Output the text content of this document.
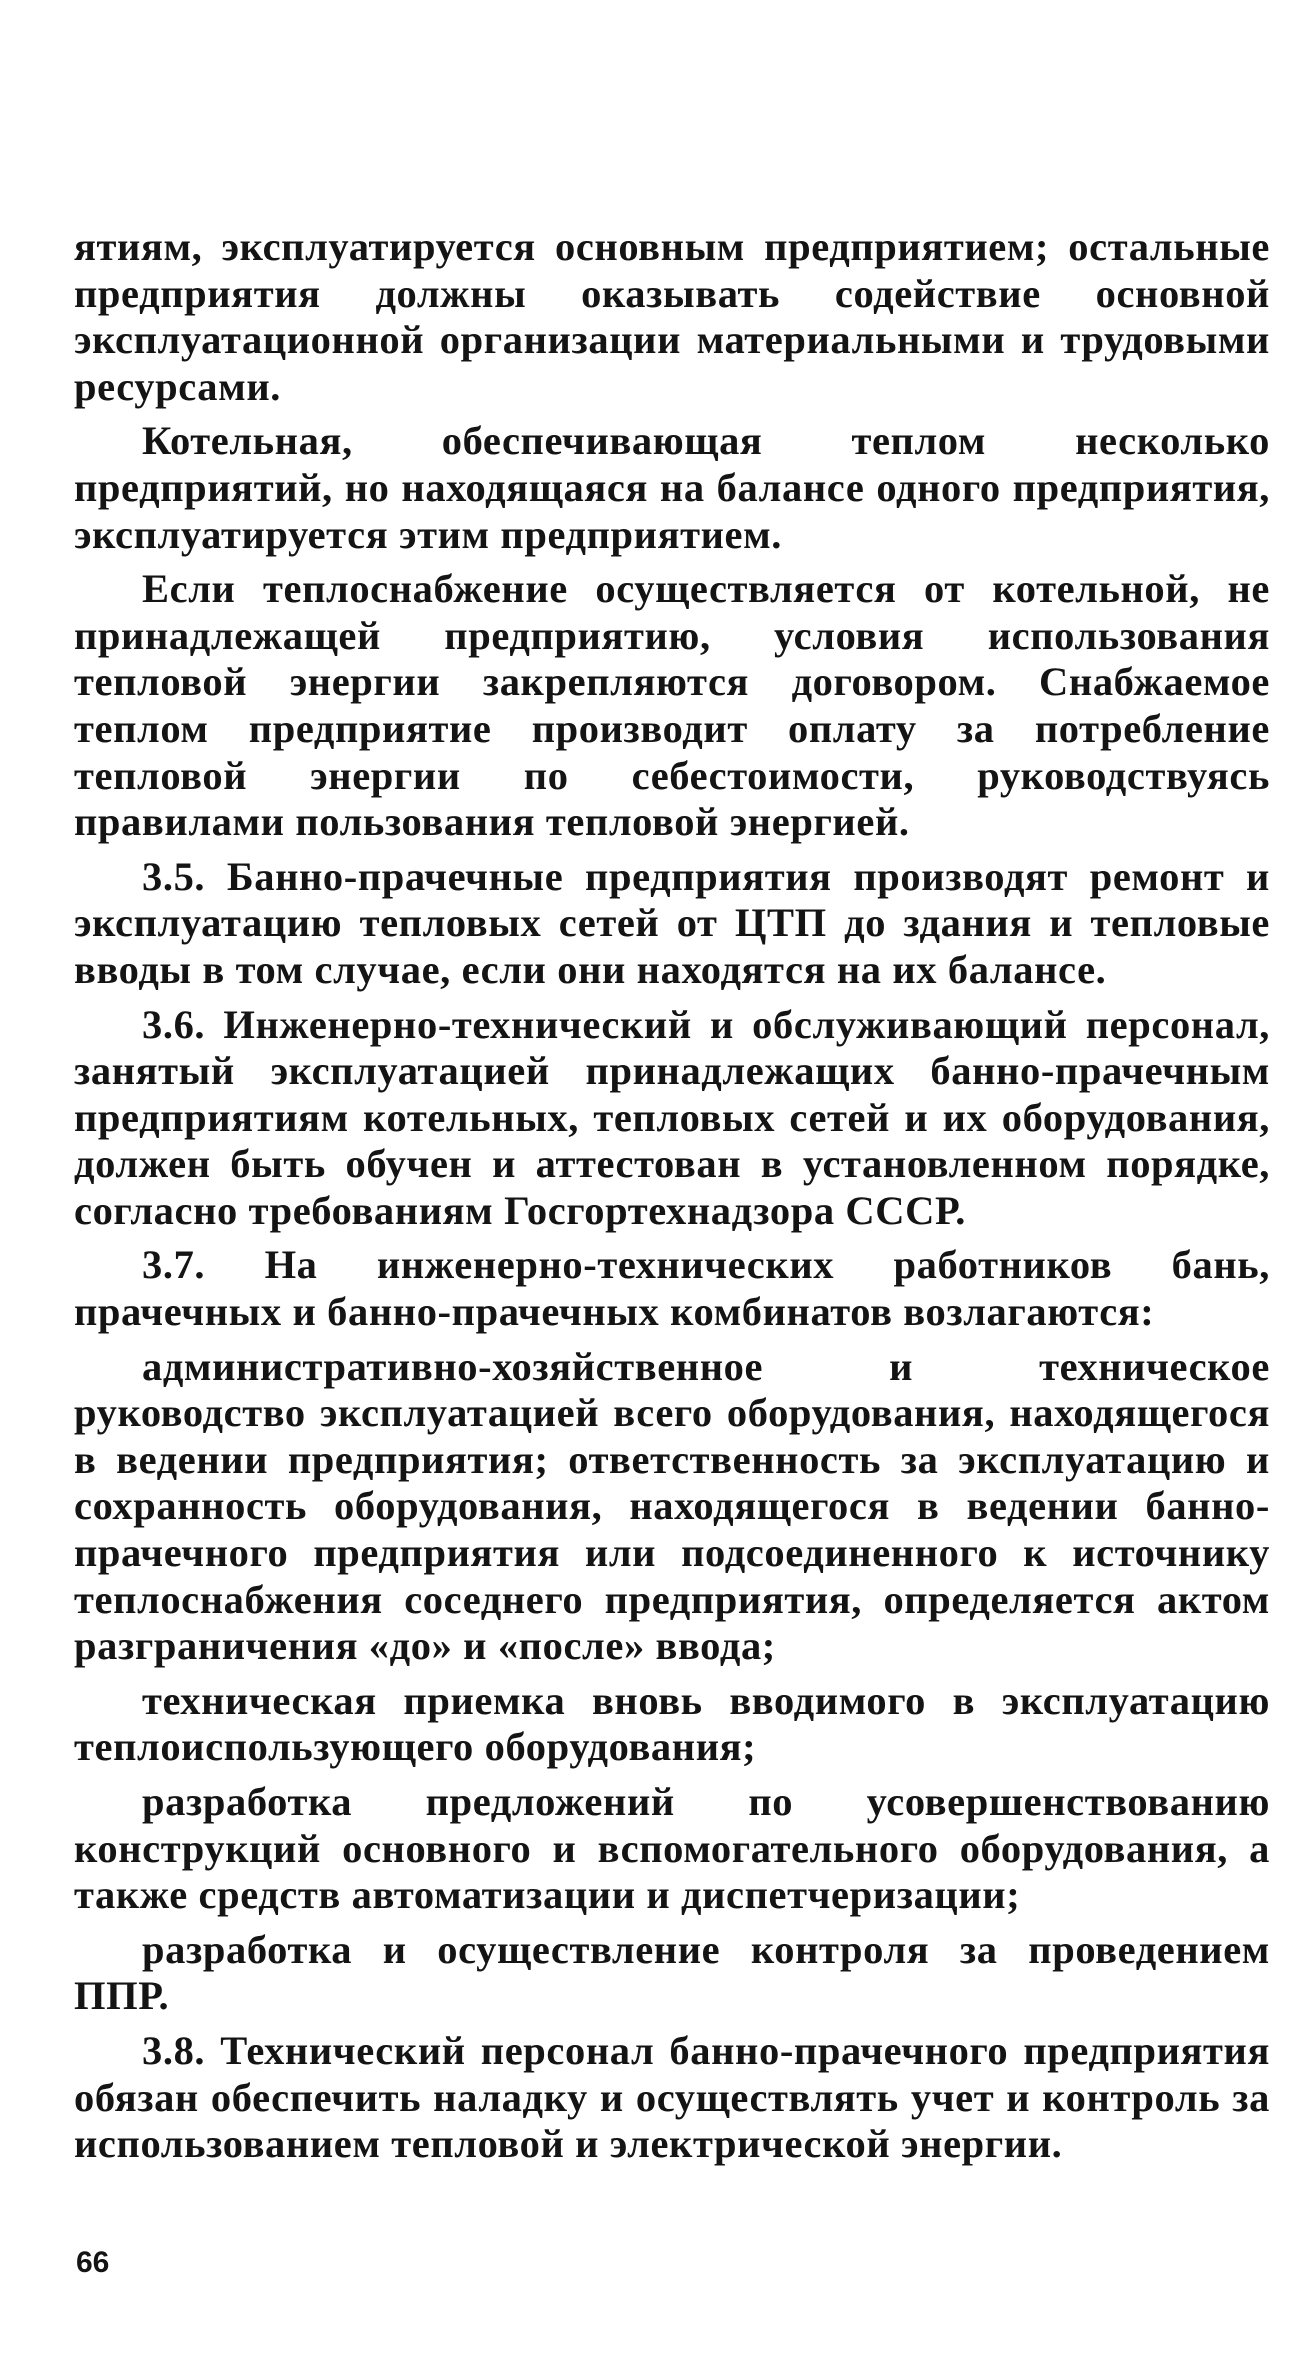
ятиям, эксплуатируется основным предприятием; остальные предприятия должны оказывать содействие основной эксплуатационной организации материальными и трудовыми ресурсами.

Котельная, обеспечивающая теплом несколько предприятий, но находящаяся на балансе одного предприятия, эксплуатируется этим предприятием.

Если теплоснабжение осуществляется от котельной, не принадлежащей предприятию, условия использования тепловой энергии закрепляются договором. Снабжаемое теплом предприятие производит оплату за потребление тепловой энергии по себестоимости, руководствуясь правилами пользования тепловой энергией.

3.5. Банно-прачечные предприятия производят ремонт и эксплуатацию тепловых сетей от ЦТП до здания и тепловые вводы в том случае, если они находятся на их балансе.

3.6. Инженерно-технический и обслуживающий персонал, занятый эксплуатацией принадлежащих банно-прачечным предприятиям котельных, тепловых сетей и их оборудования, должен быть обучен и аттестован в установленном порядке, согласно требованиям Госгортехнадзора СССР.

3.7. На инженерно-технических работников бань, прачечных и банно-прачечных комбинатов возлагаются:

административно-хозяйственное и техническое руководство эксплуатацией всего оборудования, находящегося в ведении предприятия; ответственность за эксплуатацию и сохранность оборудования, находящегося в ведении банно-прачечного предприятия или подсоединенного к источнику теплоснабжения соседнего предприятия, определяется актом разграничения «до» и «после» ввода;

техническая приемка вновь вводимого в эксплуатацию теплоиспользующего оборудования;

разработка предложений по усовершенствованию конструкций основного и вспомогательного оборудования, а также средств автоматизации и диспетчеризации;

разработка и осуществление контроля за проведением ППР.

3.8. Технический персонал банно-прачечного предприятия обязан обеспечить наладку и осуществлять учет и контроль за использованием тепловой и электрической энергии.

66
